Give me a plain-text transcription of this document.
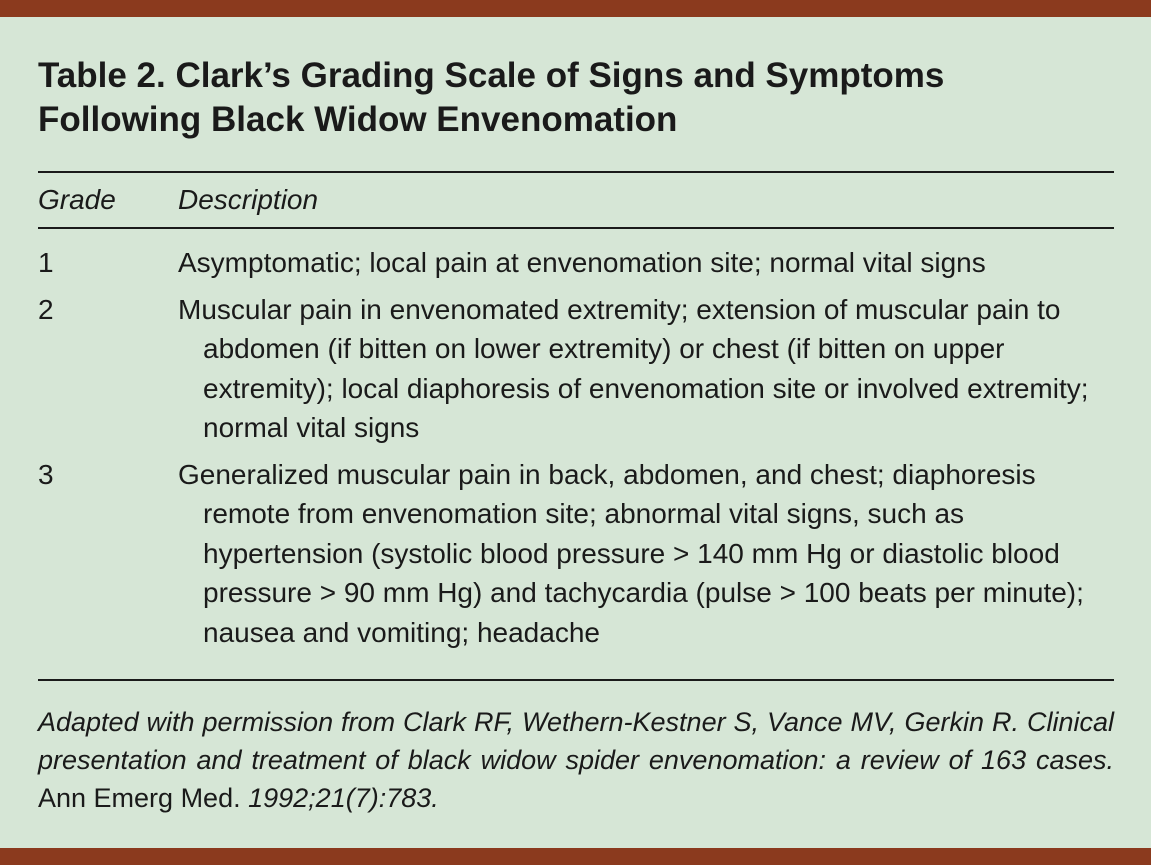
Table 2. Clark’s Grading Scale of Signs and Symptoms
Following Black Widow Envenomation
Grade	Description
1	Asymptomatic; local pain at envenomation site; normal vital signs
2	Muscular pain in envenomated extremity; extension of muscular pain to abdomen (if bitten on lower extremity) or chest (if bitten on upper extremity); local diaphoresis of envenomation site or involved extremity; normal vital signs
3	Generalized muscular pain in back, abdomen, and chest; diaphoresis remote from envenomation site; abnormal vital signs, such as hypertension (systolic blood pressure > 140 mm Hg or diastolic blood pressure > 90 mm Hg) and tachycardia (pulse > 100 beats per minute); nausea and vomiting; headache
Adapted with permission from Clark RF, Wethern-Kestner S, Vance MV, Gerkin R. Clinical presentation and treatment of black widow spider envenomation: a review of 163 cases. Ann Emerg Med. 1992;21(7):783.
